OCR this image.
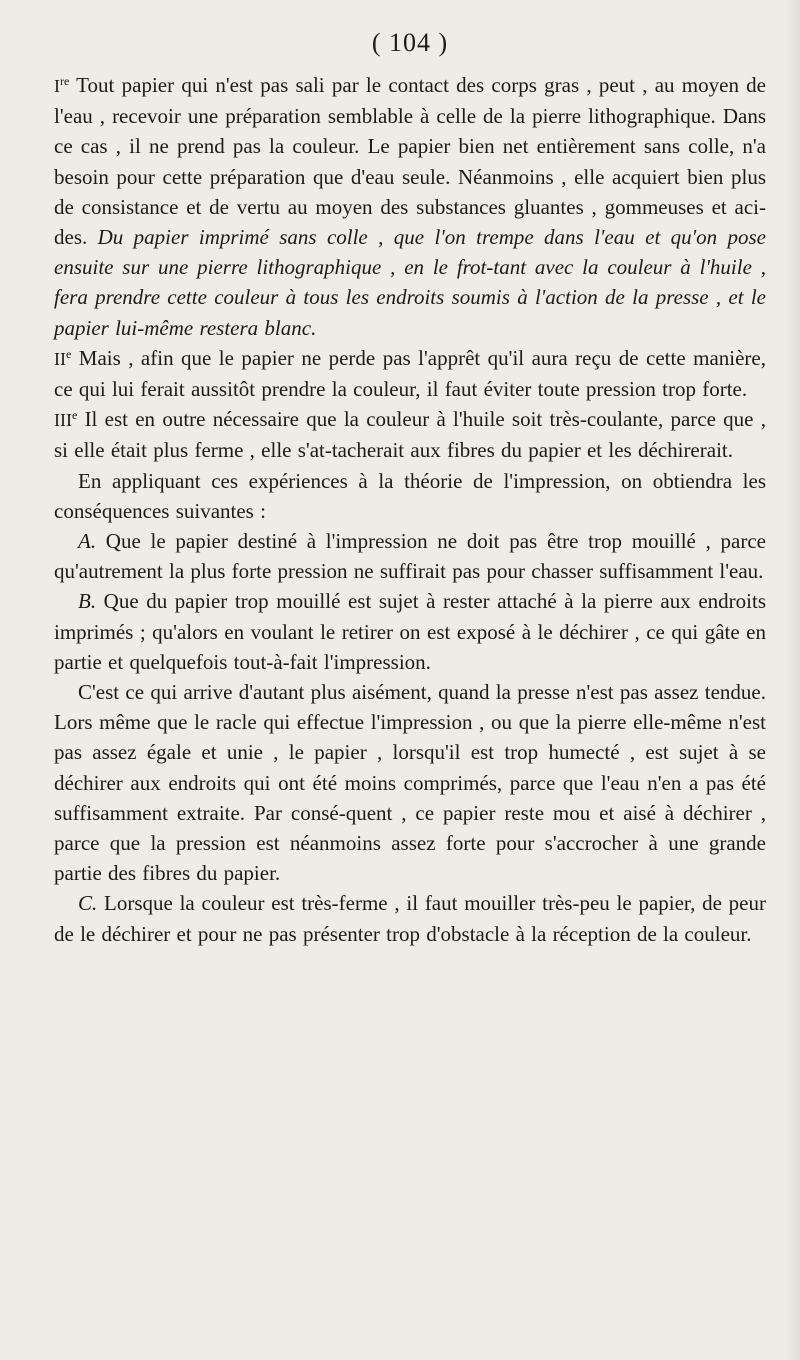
( 104 )

Ire Tout papier qui n'est pas sali par le contact des corps gras , peut , au moyen de l'eau , recevoir une préparation semblable à celle de la pierre lithographique. Dans ce cas , il ne prend pas la couleur. Le papier bien net entièrement sans colle, n'a besoin pour cette préparation que d'eau seule. Néanmoins , elle acquiert bien plus de consistance et de vertu au moyen des substances gluantes , gommeuses et aci-des. Du papier imprimé sans colle , que l'on trempe dans l'eau et qu'on pose ensuite sur une pierre lithographique , en le frot-tant avec la couleur à l'huile , fera prendre cette couleur à tous les endroits soumis à l'action de la presse , et le papier lui-même restera blanc.

IIe Mais , afin que le papier ne perde pas l'apprêt qu'il aura reçu de cette manière, ce qui lui ferait aussitôt prendre la couleur, il faut éviter toute pression trop forte.

IIIe Il est en outre nécessaire que la couleur à l'huile soit très-coulante, parce que , si elle était plus ferme , elle s'at-tacherait aux fibres du papier et les déchirerait.

En appliquant ces expériences à la théorie de l'impression, on obtiendra les conséquences suivantes :

A. Que le papier destiné à l'impression ne doit pas être trop mouillé , parce qu'autrement la plus forte pression ne suffirait pas pour chasser suffisamment l'eau.

B. Que du papier trop mouillé est sujet à rester attaché à la pierre aux endroits imprimés ; qu'alors en voulant le retirer on est exposé à le déchirer , ce qui gâte en partie et quelquefois tout-à-fait l'impression.

C'est ce qui arrive d'autant plus aisément, quand la presse n'est pas assez tendue. Lors même que le racle qui effectue l'impression , ou que la pierre elle-même n'est pas assez égale et unie , le papier , lorsqu'il est trop humecté , est sujet à se déchirer aux endroits qui ont été moins comprimés, parce que l'eau n'en a pas été suffisamment extraite. Par consé-quent , ce papier reste mou et aisé à déchirer , parce que la pression est néanmoins assez forte pour s'accrocher à une grande partie des fibres du papier.

C. Lorsque la couleur est très-ferme , il faut mouiller très-peu le papier, de peur de le déchirer et pour ne pas présenter trop d'obstacle à la réception de la couleur.
